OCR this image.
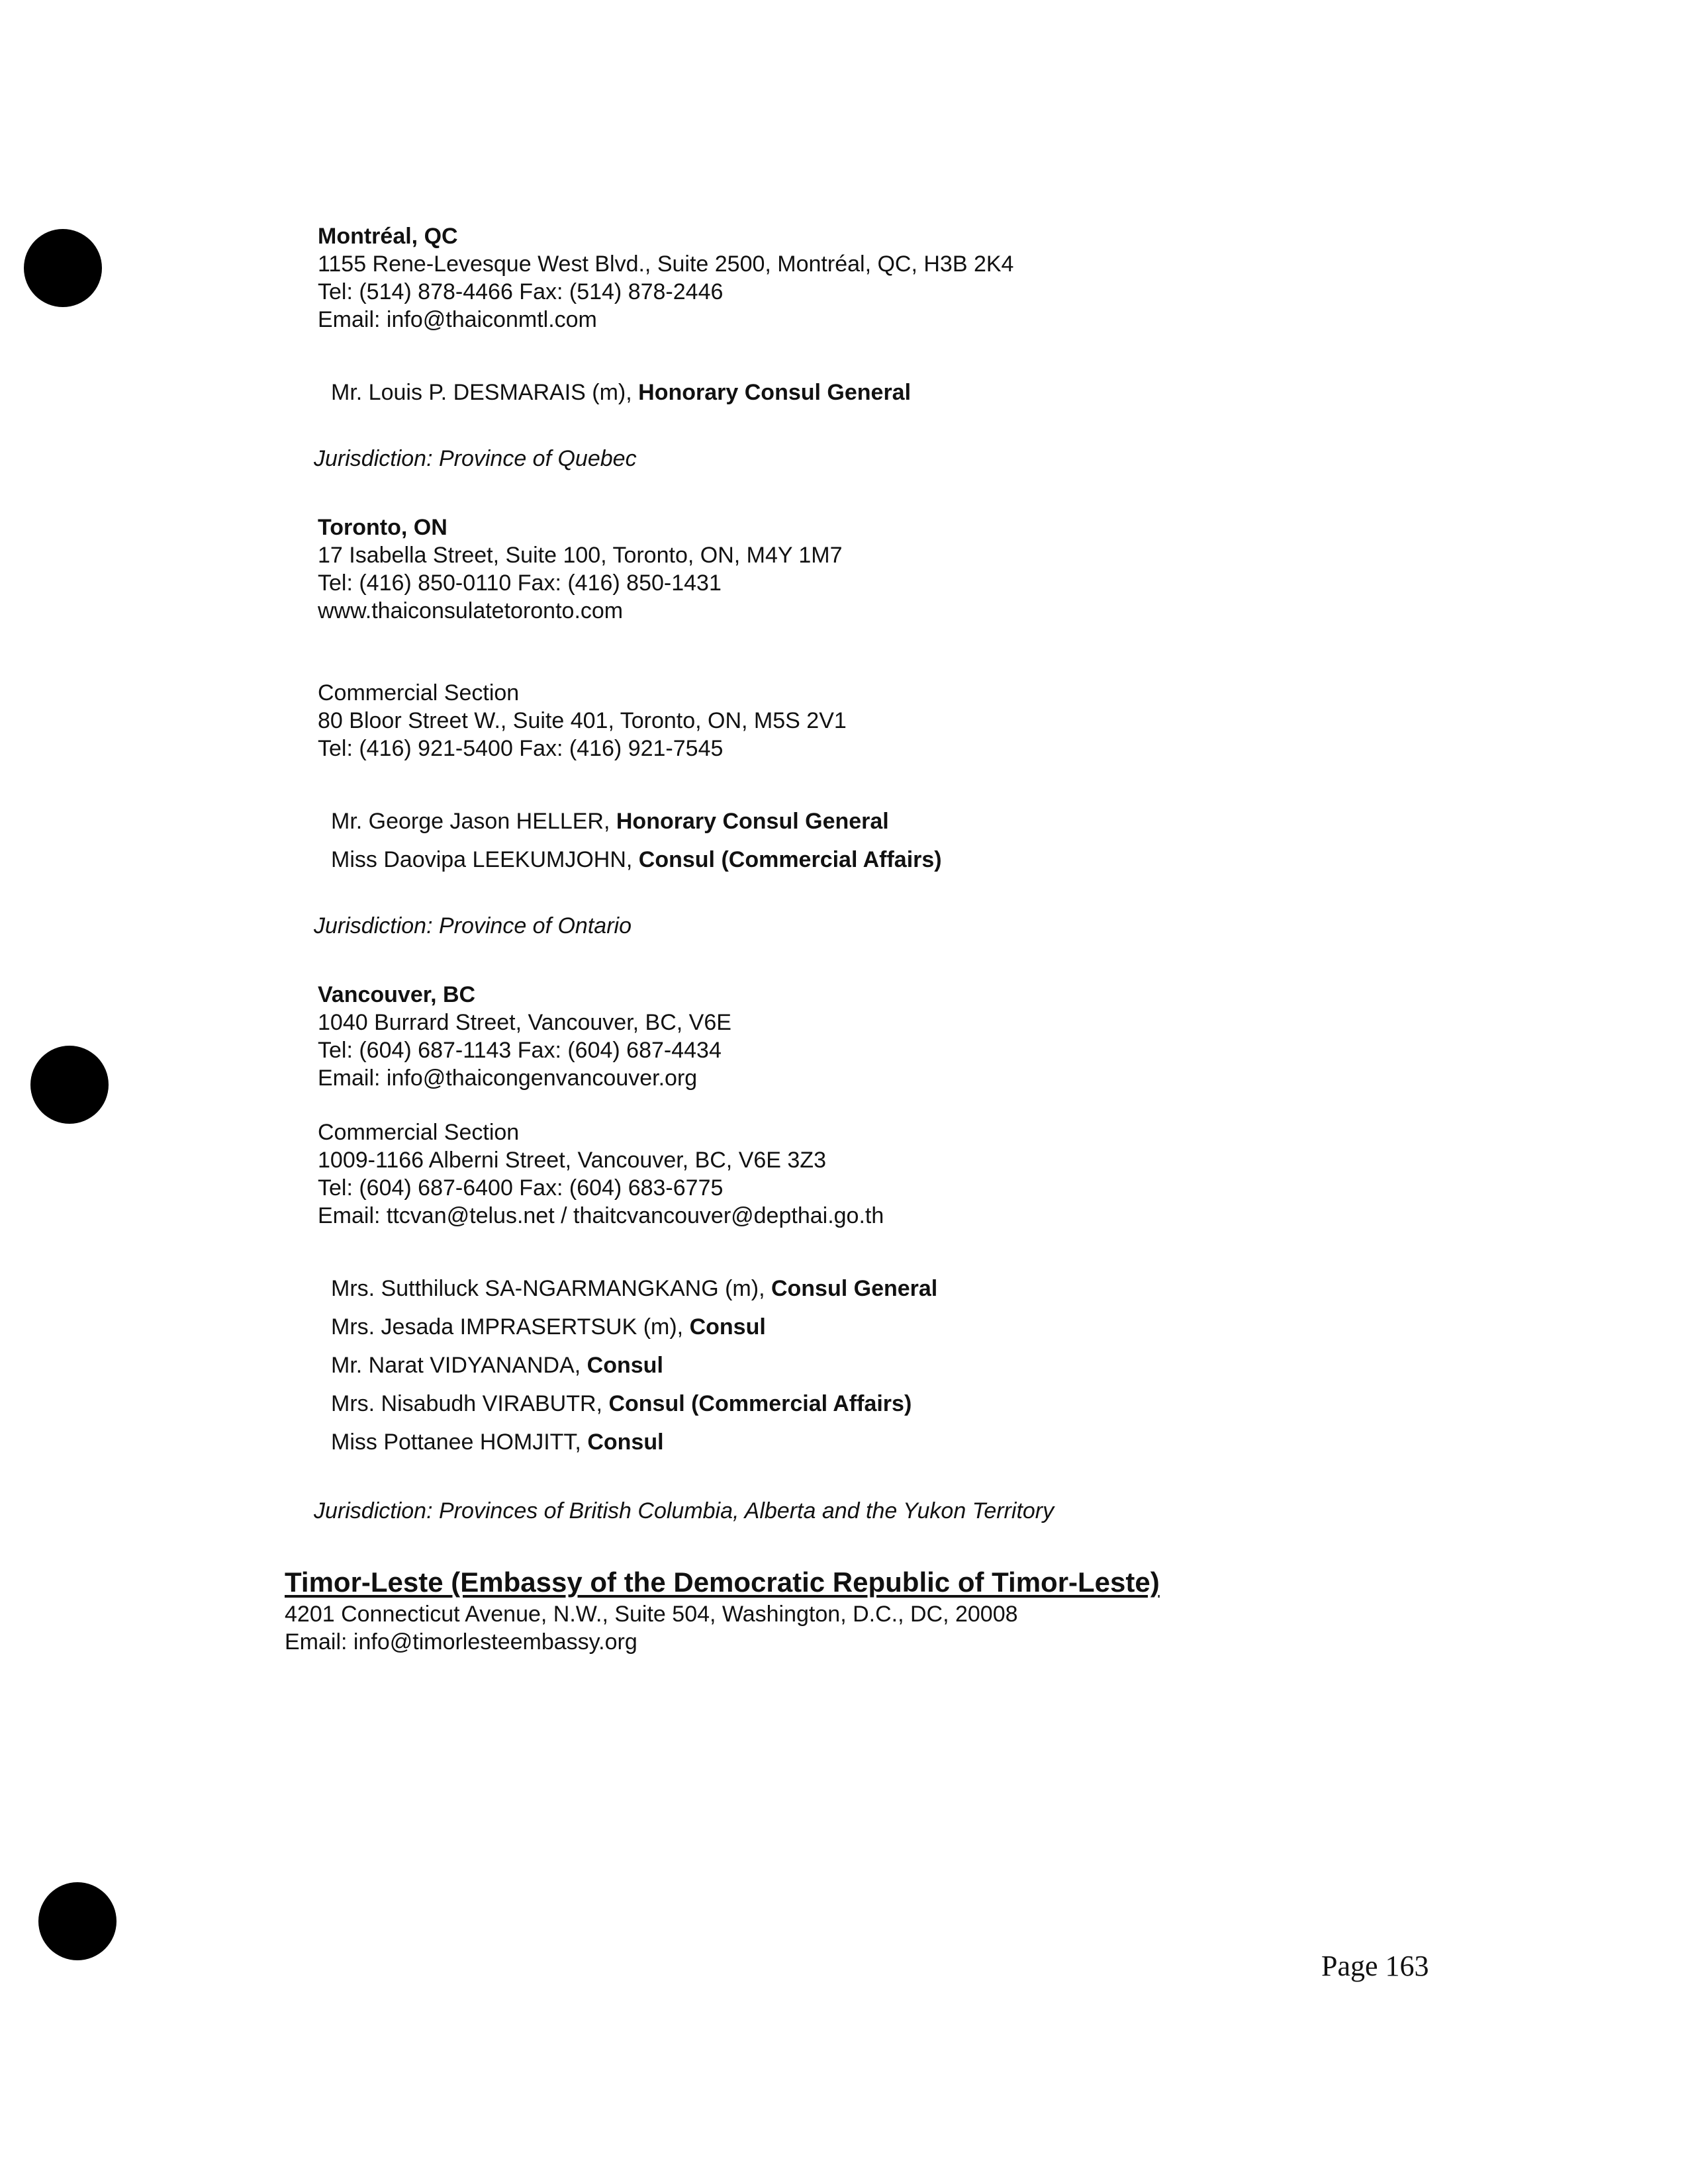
Montréal, QC
1155 Rene-Levesque West Blvd., Suite 2500, Montréal, QC, H3B 2K4
Tel: (514) 878-4466 Fax: (514) 878-2446
Email: info@thaiconmtl.com
Mr. Louis P. DESMARAIS (m), Honorary Consul General
Jurisdiction: Province of Quebec
Toronto, ON
17 Isabella Street, Suite 100, Toronto, ON, M4Y 1M7
Tel: (416) 850-0110 Fax: (416) 850-1431
www.thaiconsulatetoronto.com
Commercial Section
80 Bloor Street W., Suite 401, Toronto, ON, M5S 2V1
Tel: (416) 921-5400 Fax: (416) 921-7545
Mr. George Jason HELLER, Honorary Consul General
Miss Daovipa LEEKUMJOHN, Consul (Commercial Affairs)
Jurisdiction: Province of Ontario
Vancouver, BC
1040 Burrard Street, Vancouver, BC, V6E
Tel: (604) 687-1143 Fax: (604) 687-4434
Email: info@thaicongenvancouver.org
Commercial Section
1009-1166 Alberni Street, Vancouver, BC, V6E 3Z3
Tel: (604) 687-6400 Fax: (604) 683-6775
Email: ttcvan@telus.net / thaitcvancouver@depthai.go.th
Mrs. Sutthiluck SA-NGARMANGKANG (m), Consul General
Mrs. Jesada IMPRASERTSUK (m), Consul
Mr. Narat VIDYANANDA, Consul
Mrs. Nisabudh VIRABUTR, Consul (Commercial Affairs)
Miss Pottanee HOMJITT, Consul
Jurisdiction: Provinces of British Columbia, Alberta and the Yukon Territory
Timor-Leste (Embassy of the Democratic Republic of Timor-Leste)
4201 Connecticut Avenue, N.W., Suite 504, Washington, D.C., DC, 20008
Email: info@timorlesteembassy.org
Page 163
